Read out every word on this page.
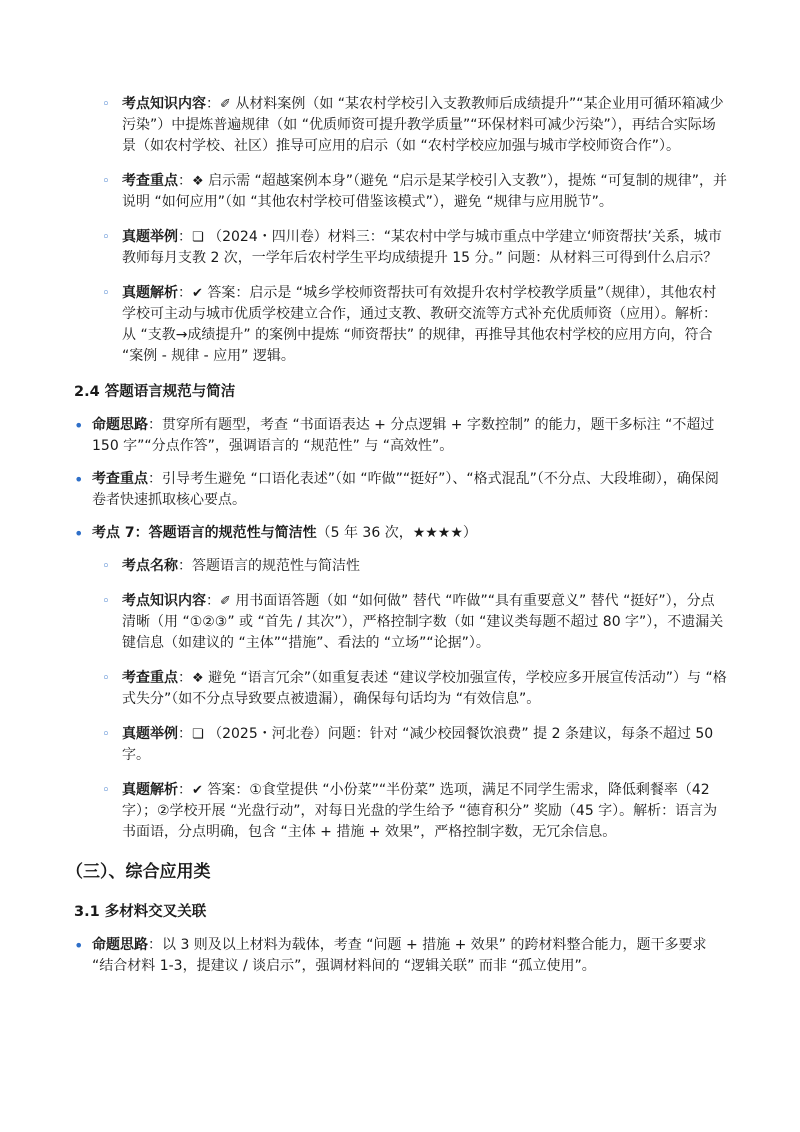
◦ 考点知识内容：✐ 从材料案例（如 “某农村学校引入支教教师后成绩提升”“某企业用可循环箱减少污染”）中提炼普遍规律（如 “优质师资可提升教学质量”“环保材料可减少污染”），再结合实际场景（如农村学校、社区）推导可应用的启示（如 “农村学校应加强与城市学校师资合作”）。
◦ 考查重点：❖ 启示需 “超越案例本身”（避免 “启示是某学校引入支教”），提炼 “可复制的规律”，并说明 “如何应用”（如 “其他农村学校可借鉴该模式”），避免 “规律与应用脱节”。
◦ 真题举例：❏ （2024・四川卷）材料三：“某农村中学与城市重点中学建立‘师资帮扶’关系，城市教师每月支教 2 次，一学年后农村学生平均成绩提升 15 分。” 问题：从材料三可得到什么启示？
◦ 真题解析：✔ 答案：启示是 “城乡学校师资帮扶可有效提升农村学校教学质量”（规律），其他农村学校可主动与城市优质学校建立合作，通过支教、教研交流等方式补充优质师资（应用）。解析：从 “支教→成绩提升” 的案例中提炼 “师资帮扶” 的规律，再推导其他农村学校的应用方向，符合 “案例 - 规律 - 应用” 逻辑。
2.4 答题语言规范与简洁
• 命题思路：贯穿所有题型，考查 “书面语表达 + 分点逻辑 + 字数控制” 的能力，题干多标注 “不超过 150 字”“分点作答”，强调语言的 “规范性” 与 “高效性”。
• 考查重点：引导考生避免 “口语化表述”（如 “咋做”“挺好”）、“格式混乱”（不分点、大段堆砌），确保阅卷者快速抓取核心要点。
• 考点 7：答题语言的规范性与简洁性（5 年 36 次，★★★★）
◦ 考点名称：答题语言的规范性与简洁性
◦ 考点知识内容：✐ 用书面语答题（如 “如何做” 替代 “咋做”“具有重要意义” 替代 “挺好”），分点清晰（用 “①②③” 或 “首先 / 其次”），严格控制字数（如 “建议类每题不超过 80 字”），不遗漏关键信息（如建议的 “主体”“措施”、看法的 “立场”“论据”）。
◦ 考查重点：❖ 避免 “语言冗余”（如重复表述 “建议学校加强宣传，学校应多开展宣传活动”）与 “格式失分”（如不分点导致要点被遗漏），确保每句话均为 “有效信息”。
◦ 真题举例：❏ （2025・河北卷）问题：针对 “减少校园餐饮浪费” 提 2 条建议，每条不超过 50 字。
◦ 真题解析：✔ 答案：①食堂提供 “小份菜”“半份菜” 选项，满足不同学生需求，降低剩餐率（42 字）；②学校开展 “光盘行动”，对每日光盘的学生给予 “德育积分” 奖励（45 字）。解析：语言为书面语，分点明确，包含 “主体 + 措施 + 效果”，严格控制字数，无冗余信息。
（三）、综合应用类
3.1 多材料交叉关联
• 命题思路：以 3 则及以上材料为载体，考查 “问题 + 措施 + 效果” 的跨材料整合能力，题干多要求 “结合材料 1-3，提建议 / 谈启示”，强调材料间的 “逻辑关联” 而非 “孤立使用”。
